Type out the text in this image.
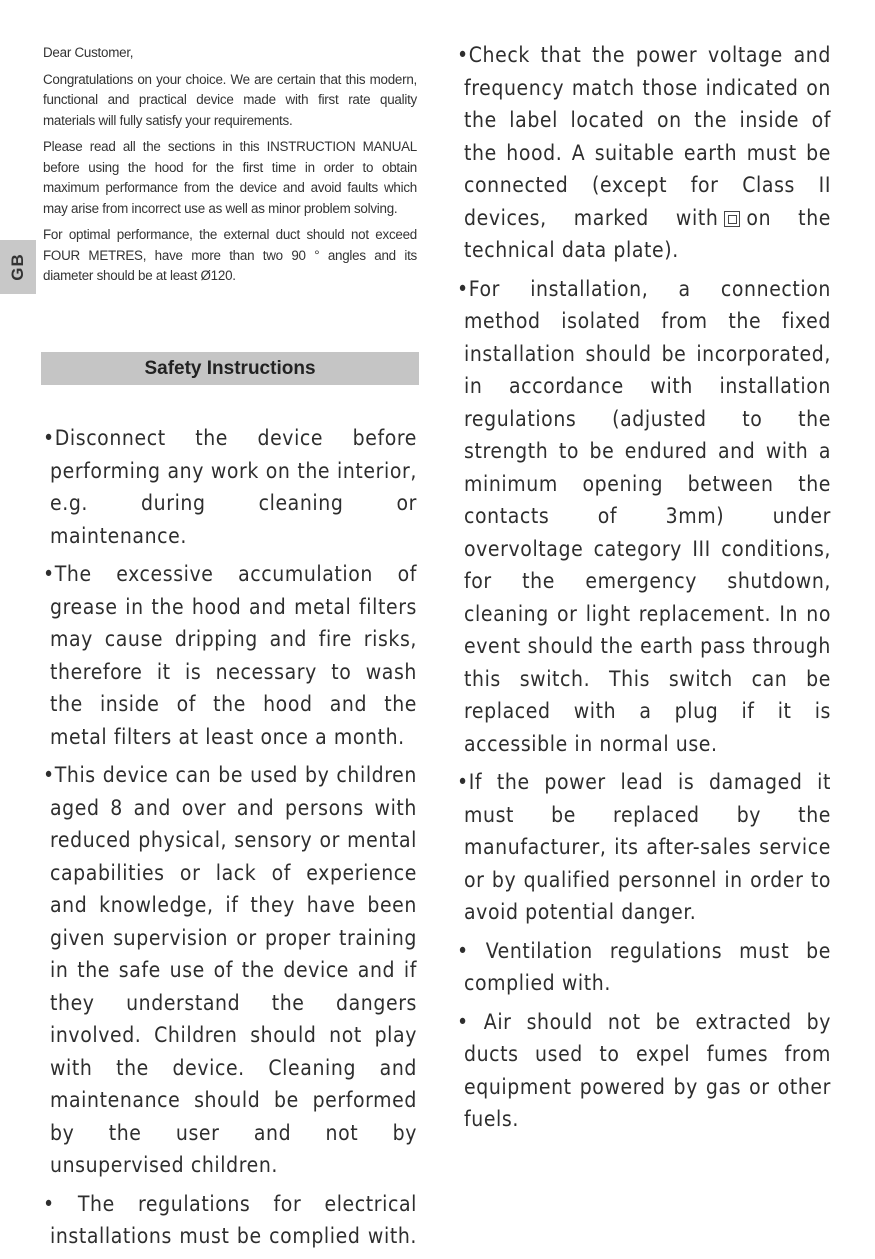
GB

Dear Customer,

Congratulations on your choice. We are certain that this modern, functional and practical device made with first rate quality materials will fully satisfy your requirements.

Please read all the sections in this INSTRUCTION MANUAL before using the hood for the first time in order to obtain maximum performance from the device and avoid faults which may arise from incorrect use as well as minor problem solving.

For optimal performance, the external duct should not exceed FOUR METRES, have more than two 90 ° angles and its diameter should be at least Ø120.

Safety Instructions
•Disconnect the device before performing any work on the interior, e.g. during cleaning or maintenance.
•The excessive accumulation of grease in the hood and metal filters may cause dripping and fire risks, therefore it is necessary to wash the inside of the hood and the metal filters at least once a month.
•This device can be used by children aged 8 and over and persons with reduced physical, sensory or mental capabilities or lack of experience and knowledge, if they have been given supervision or proper training in the safe use of the device and if they understand the dangers involved. Children should not play with the device. Cleaning and maintenance should be performed by the user and not by unsupervised children.
• The regulations for electrical installations must be complied with.
•Check that the power voltage and frequency match those indicated on the label located on the inside of the hood. A suitable earth must be connected (except for Class II devices, marked with on the technical data plate).
•For installation, a connection method isolated from the fixed installation should be incorporated, in accordance with installation regulations (adjusted to the strength to be endured and with a minimum opening between the contacts of 3mm) under overvoltage category III conditions, for the emergency shutdown, cleaning or light replacement. In no event should the earth pass through this switch. This switch can be replaced with a plug if it is accessible in normal use.
•If the power lead is damaged it must be replaced by the manufacturer, its after-sales service or by qualified personnel in order to avoid potential danger.
• Ventilation regulations must be complied with.
• Air should not be extracted by ducts used to expel fumes from equipment powered by gas or other fuels.
